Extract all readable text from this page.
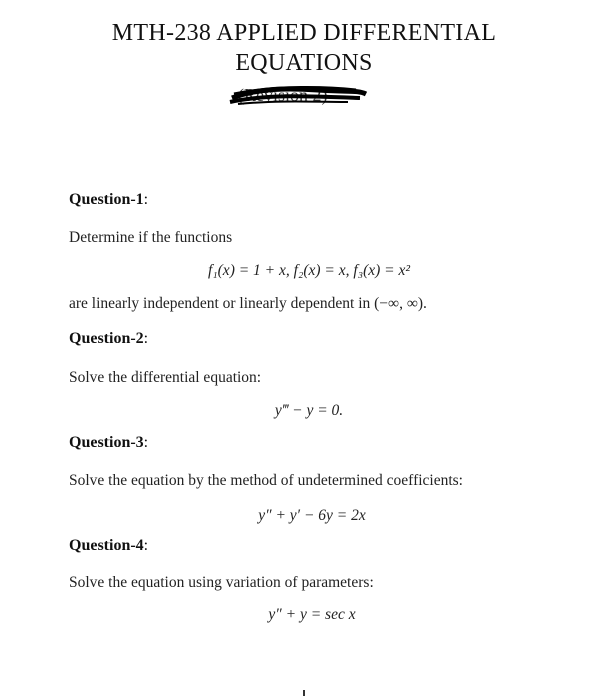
MTH-238 APPLIED DIFFERENTIAL
EQUATIONS
(Revision 2)
Question-1:
Determine if the functions
f₁(x) = 1 + x, f₂(x) = x, f₃(x) = x²
are linearly independent or linearly dependent in (−∞, ∞).
Question-2:
Solve the differential equation:
y‴ − y = 0.
Question-3:
Solve the equation by the method of undetermined coefficients:
y″ + y′ − 6y = 2x
Question-4:
Solve the equation using variation of parameters:
y″ + y = sec x
